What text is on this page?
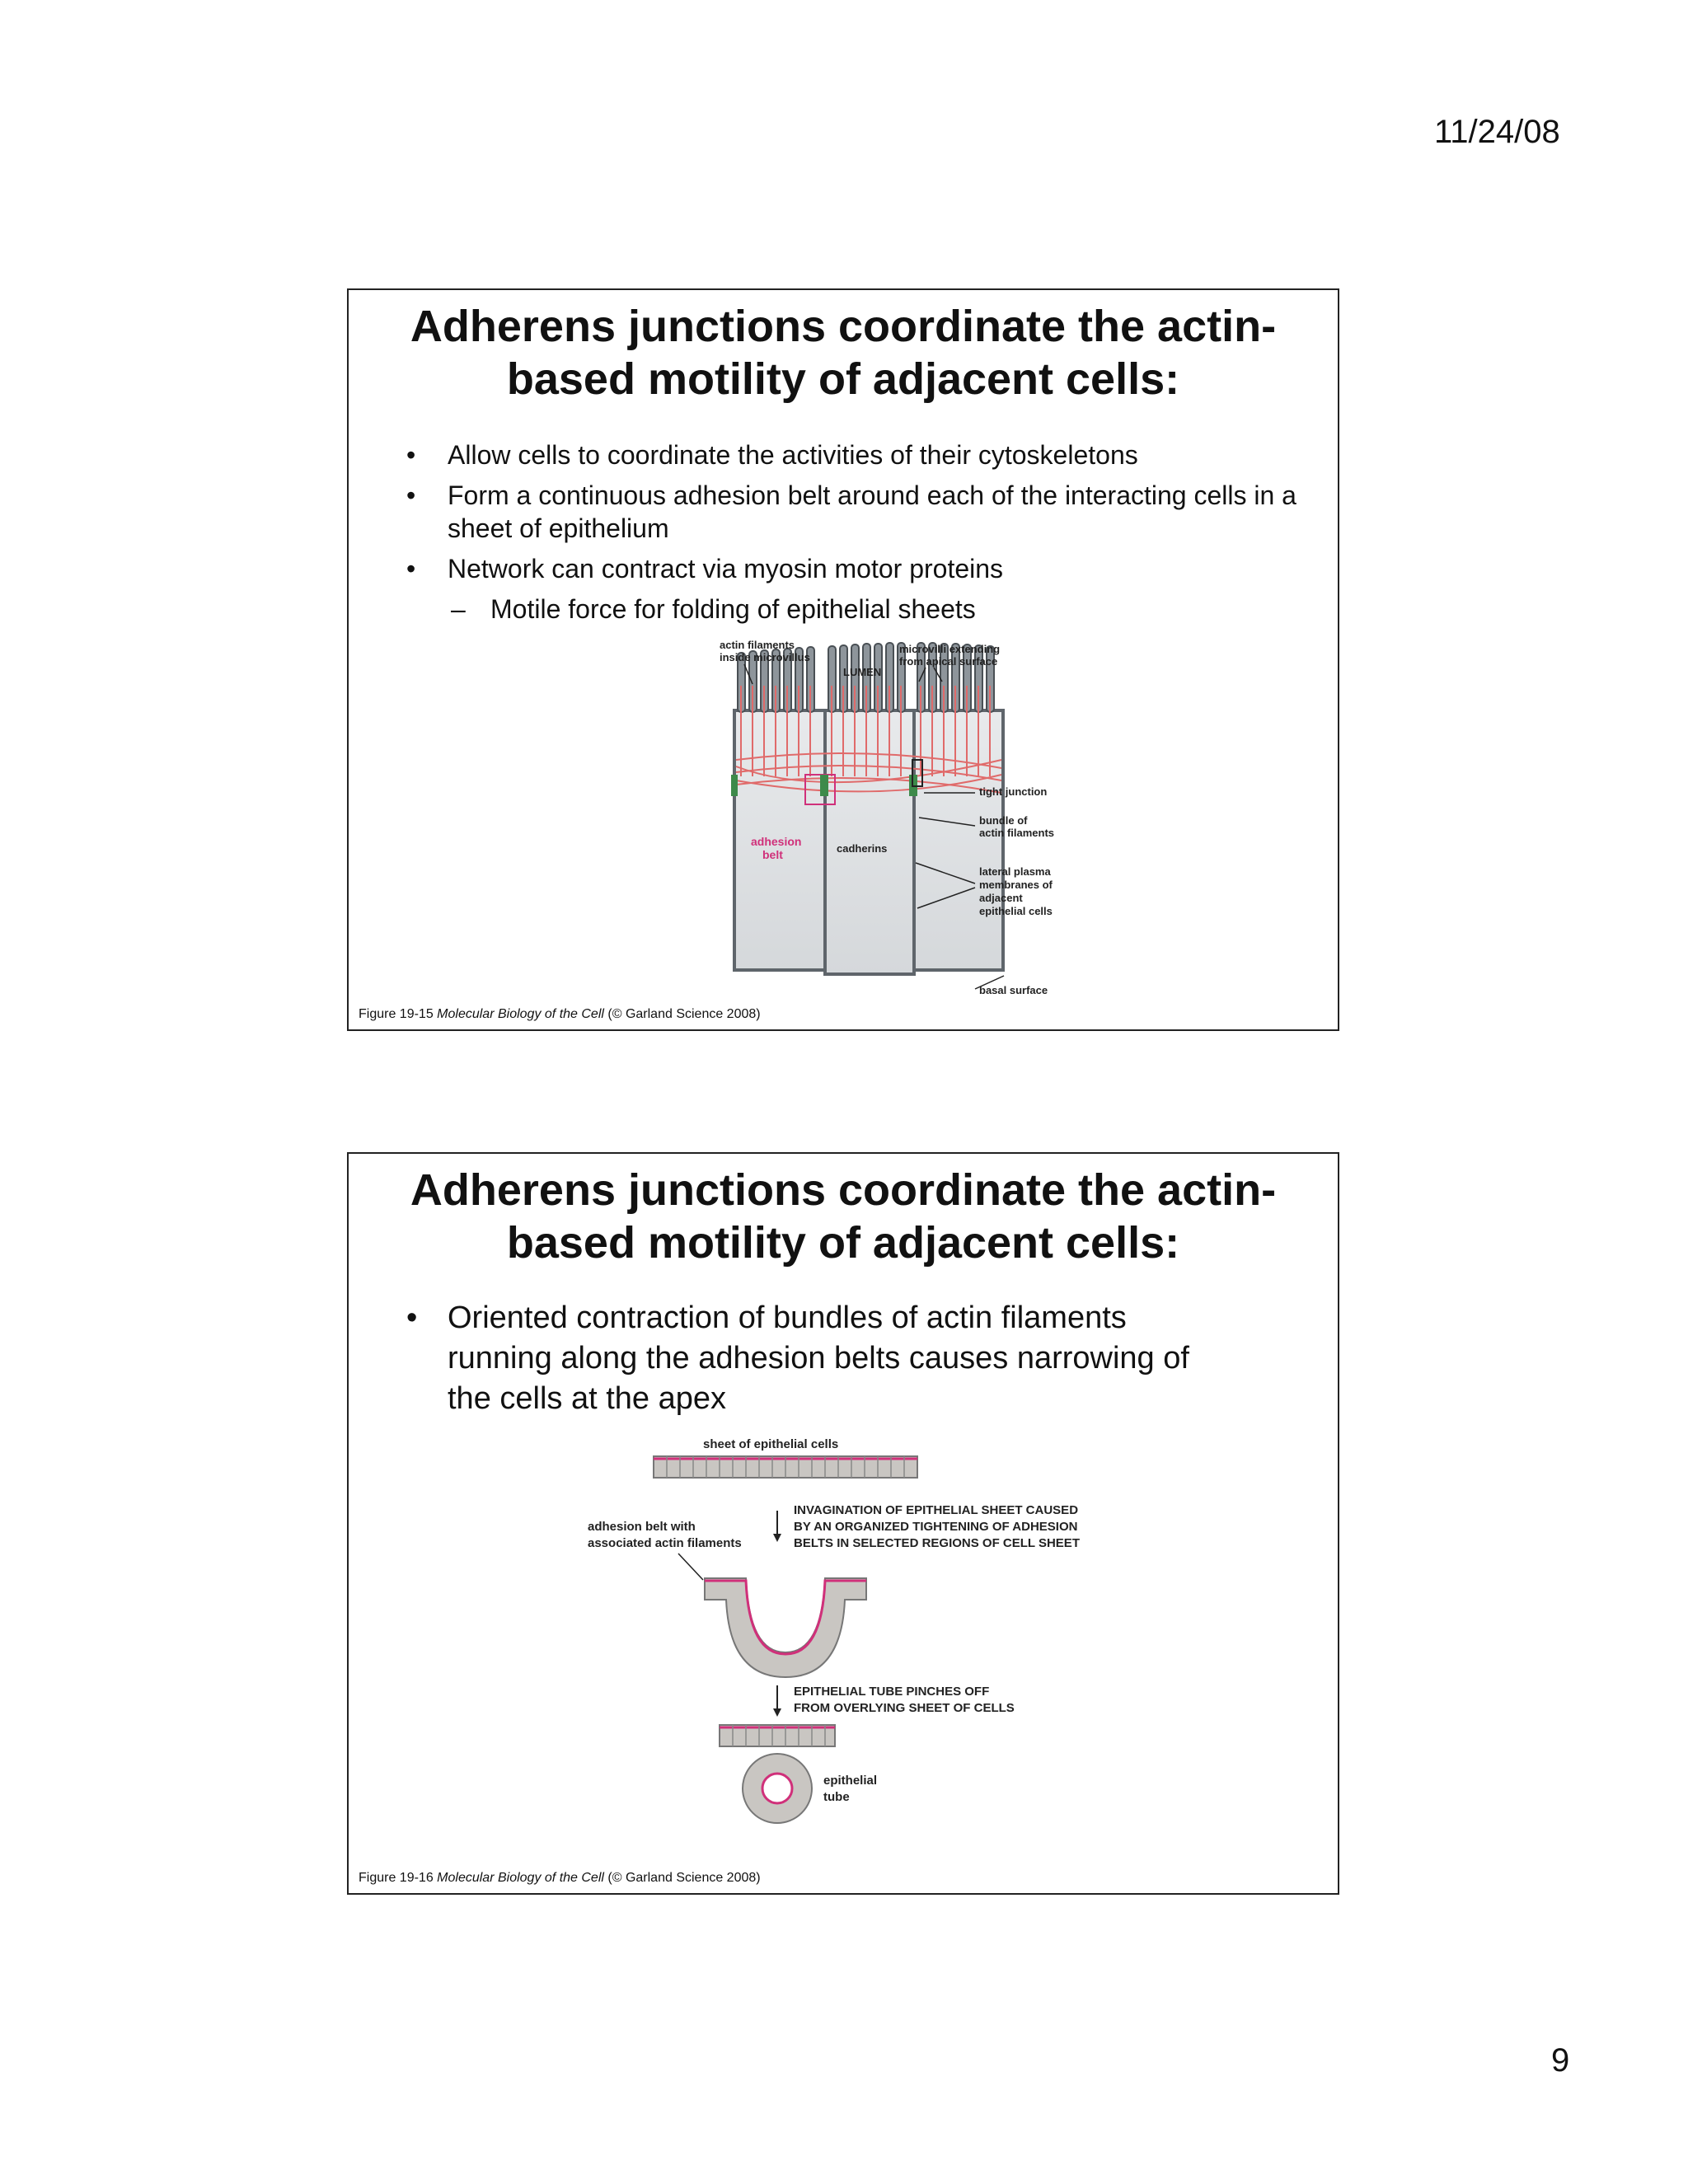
11/24/08
Adherens junctions coordinate the actin-
based motility of adjacent cells:
• Allow cells to coordinate the activities of their cytoskeletons
• Form a continuous adhesion belt around each of the interacting cells in a sheet of epithelium
• Network can contract via myosin motor proteins
– Motile force for folding of epithelial sheets
actin filaments
inside microvillus
LUMEN
microvilli extending
from apical surface
tight junction
bundle of
actin filaments
adhesion
belt	cadherins
lateral plasma
membranes of
adjacent
epithelial cells
basal surface
Figure 19-15 Molecular Biology of the Cell (© Garland Science 2008)
Adherens junctions coordinate the actin-
based motility of adjacent cells:
• Oriented contraction of bundles of actin filaments running along the adhesion belts causes narrowing of the cells at the apex
sheet of epithelial cells
INVAGINATION OF EPITHELIAL SHEET CAUSED
BY AN ORGANIZED TIGHTENING OF ADHESION
BELTS IN SELECTED REGIONS OF CELL SHEET
adhesion belt with
associated actin filaments
EPITHELIAL TUBE PINCHES OFF
FROM OVERLYING SHEET OF CELLS
epithelial
tube
Figure 19-16 Molecular Biology of the Cell (© Garland Science 2008)
9
